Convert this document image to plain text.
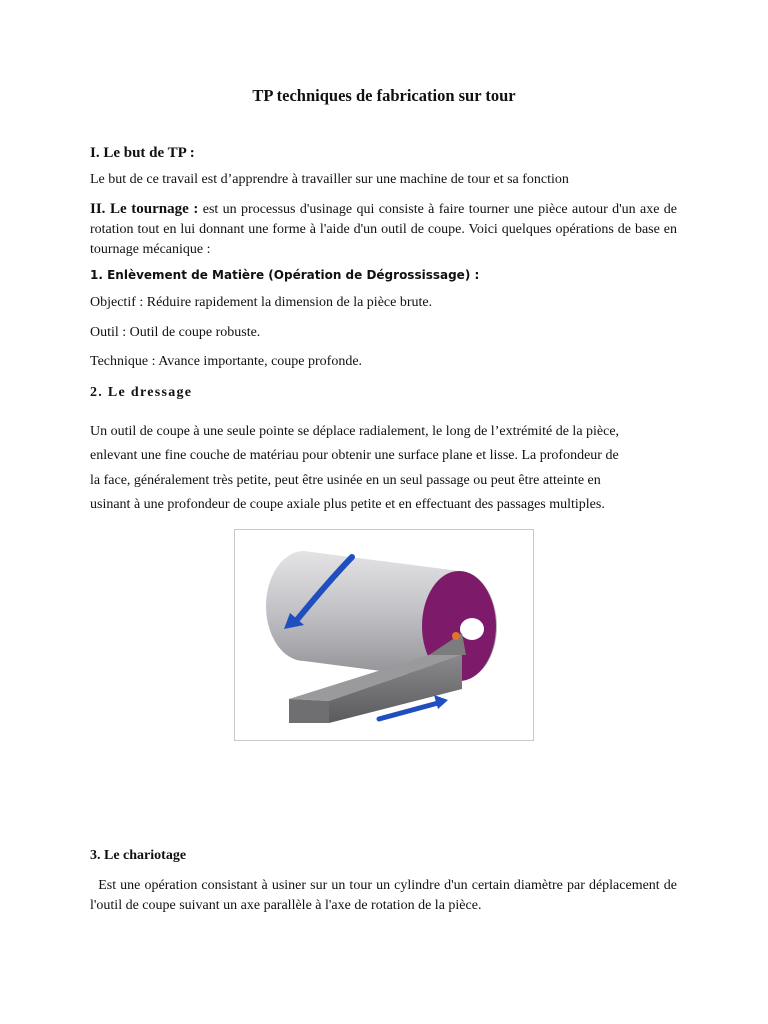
TP techniques de fabrication sur tour
I. Le but de TP :
Le but de ce travail est d’apprendre à travailler sur une machine de tour et sa fonction

II. Le tournage : est un processus d'usinage qui consiste à faire tourner une pièce autour d'un axe de rotation tout en lui donnant une forme à l'aide d'un outil de coupe. Voici quelques opérations de base en tournage mécanique :

1. Enlèvement de Matière (Opération de Dégrossissage) :
Objectif : Réduire rapidement la dimension de la pièce brute.
Outil : Outil de coupe robuste.
Technique : Avance importante, coupe profonde.
2. Le dressage
Un outil de coupe à une seule pointe se déplace radialement, le long de l’extrémité de la pièce,
enlevant une fine couche de matériau pour obtenir une surface plane et lisse. La profondeur de
la face, généralement très petite, peut être usinée en un seul passage ou peut être atteinte en
usinant à une profondeur de coupe axiale plus petite et en effectuant des passages multiples.
3. Le chariotage

Est une opération consistant à usiner sur un tour un cylindre d'un certain diamètre par déplacement de l'outil de coupe suivant un axe parallèle à l'axe de rotation de la pièce.
